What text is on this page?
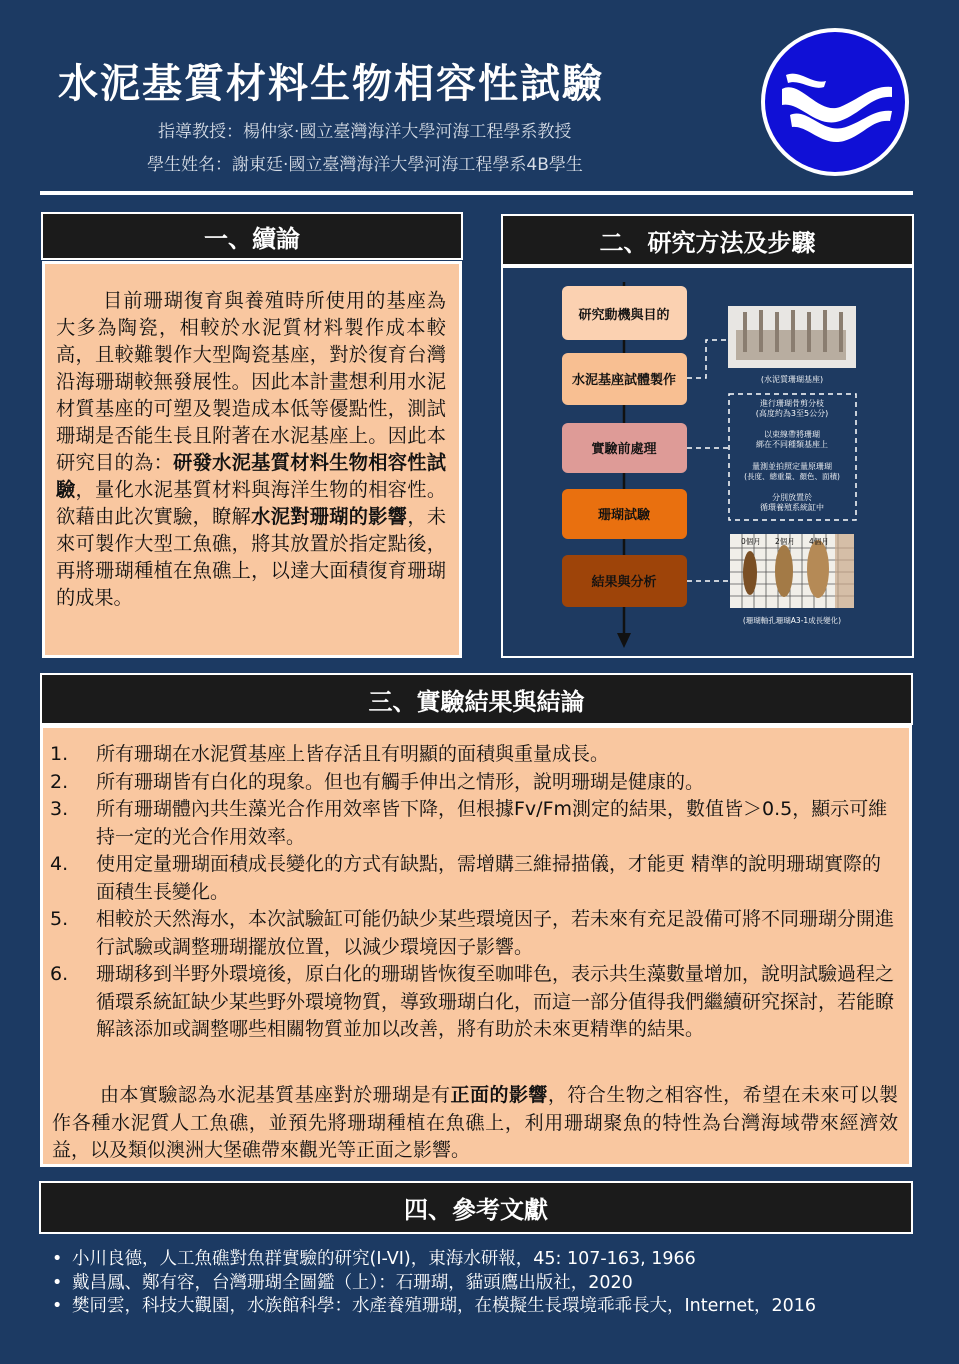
水泥基質材料生物相容性試驗
指導教授：楊仲家‧國立臺灣海洋大學河海工程學系教授
學生姓名：謝東廷‧國立臺灣海洋大學河海工程學系4B學生
一、續論
目前珊瑚復育與養殖時所使用的基座為大多為陶瓷，相較於水泥質材料製作成本較高，且較難製作大型陶瓷基座，對於復育台灣沿海珊瑚較無發展性。因此本計畫想利用水泥材質基座的可塑及製造成本低等優點性，測試珊瑚是否能生長且附著在水泥基座上。因此本研究目的為：研發水泥基質材料生物相容性試驗，量化水泥基質材料與海洋生物的相容性。欲藉由此次實驗，瞭解水泥對珊瑚的影響，未來可製作大型工魚礁，將其放置於指定點後，再將珊瑚種植在魚礁上，以達大面積復育珊瑚的成果。
二、研究方法及步驟
研究動機與目的
水泥基座試體製作
實驗前處理
珊瑚試驗
結果與分析
(水泥質珊瑚基座)
進行珊瑚骨剪分枝
(高度約為3至5公分)
以束線帶將珊瑚
綁在不同種類基座上
量測並拍照定量原珊瑚
(長度、總重量、顏色、面積)
分別放置於
循環養殖系統缸中
0個月 2個月 4個月
(珊瑚軸孔珊瑚A3-1成長變化)
三、實驗結果與結論
1. 所有珊瑚在水泥質基座上皆存活且有明顯的面積與重量成長。
2. 所有珊瑚皆有白化的現象。但也有觸手伸出之情形，說明珊瑚是健康的。
3. 所有珊瑚體內共生藻光合作用效率皆下降，但根據Fv/Fm測定的結果，數值皆＞0.5，顯示可維持一定的光合作用效率。
4. 使用定量珊瑚面積成長變化的方式有缺點，需增購三維掃描儀，才能更 精準的說明珊瑚實際的面積生長變化。
5. 相較於天然海水，本次試驗缸可能仍缺少某些環境因子，若未來有充足設備可將不同珊瑚分開進行試驗或調整珊瑚擺放位置，以減少環境因子影響。
6. 珊瑚移到半野外環境後，原白化的珊瑚皆恢復至咖啡色，表示共生藻數量增加，說明試驗過程之循環系統缸缺少某些野外環境物質，導致珊瑚白化，而這一部分值得我們繼續研究探討，若能瞭解該添加或調整哪些相關物質並加以改善，將有助於未來更精準的結果。
由本實驗認為水泥基質基座對於珊瑚是有正面的影響，符合生物之相容性，希望在未來可以製作各種水泥質人工魚礁，並預先將珊瑚種植在魚礁上，利用珊瑚聚魚的特性為台灣海域帶來經濟效益，以及類似澳洲大堡礁帶來觀光等正面之影響。
四、參考文獻
• 小川良德，人工魚礁對魚群實驗的研究(I-VI)，東海水研報，45: 107-163, 1966
• 戴昌鳳、鄭有容，台灣珊瑚全圖鑑（上）：石珊瑚，貓頭鷹出版社，2020
• 樊同雲，科技大觀園，水族館科學：水產養殖珊瑚，在模擬生長環境乖乖長大，Internet，2016
